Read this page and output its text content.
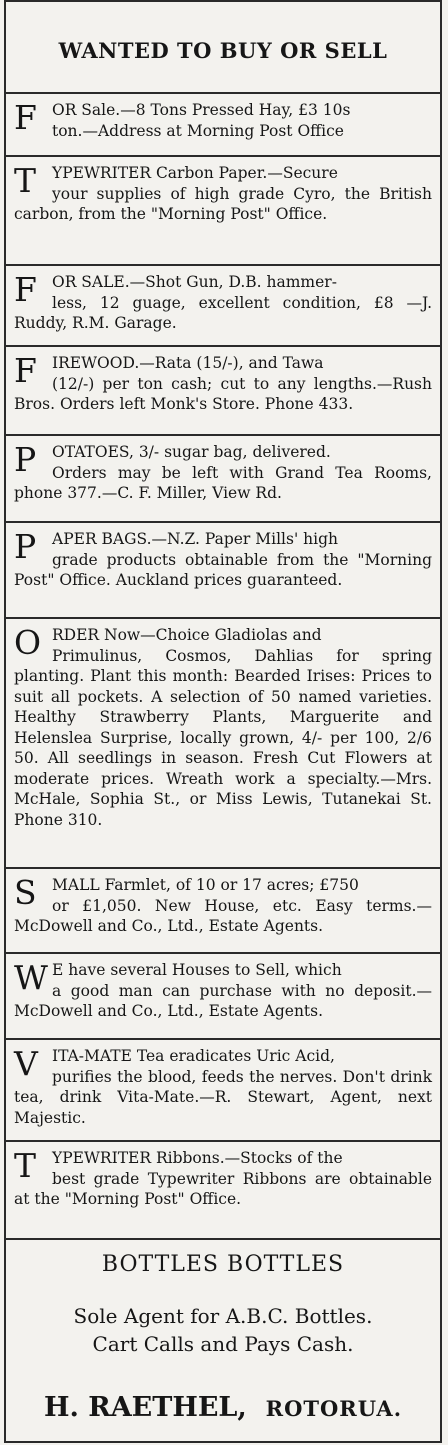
WANTED TO BUY OR SELL
F OR Sale.—8 Tons Pressed Hay, £3 10s

ton.—Address at Morning Post Office

T	YPEWRITER Carbon Paper.—Secure

your supplies of high grade Cyro, the British carbon, from the "Morning Post" Office.

F OR SALE.—Shot Gun, D.B. hammer-

less, 12 guage, excellent condition, £8 —J. Ruddy, R.M. Garage.

F IREWOOD.—Rata (15/-), and Tawa

(12/-) per ton cash; cut to any lengths.—Rush Bros. Orders left Monk's Store. Phone 433.

P	OTATOES, 3/- sugar bag, delivered.

Orders may be left with Grand Tea Rooms, phone 377.—C. F. Miller, View Rd.

P	APER BAGS.—N.Z. Paper Mills' high

grade products obtainable from the "Morning Post" Office. Auckland prices guaranteed.

O RDER Now—Choice Gladiolas and

Primulinus, Cosmos, Dahlias for spring planting. Plant this month: Bearded Irises: Prices to suit all pockets. A selection of 50 named varieties. Healthy Strawberry Plants, Marguerite and Helenslea Surprise, locally grown, 4/- per 100, 2/6 50. All seedlings in season. Fresh Cut Flowers at moderate prices. Wreath work a specialty.—Mrs. McHale, Sophia St., or Miss Lewis, Tutanekai St. Phone 310.

S MALL Farmlet, of 10 or 17 acres; £750

or £1,050. New House, etc. Easy terms.—McDowell and Co., Ltd., Estate Agents.

W E have several Houses to Sell, which

a good man can purchase with no deposit.—McDowell and Co., Ltd., Estate Agents.

V ITA-MATE Tea eradicates Uric Acid,

purifies the blood, feeds the nerves. Don't drink tea, drink Vita-Mate.—R. Stewart, Agent, next Majestic.

T	YPEWRITER Ribbons.—Stocks of the

best grade Typewriter Ribbons are obtainable at the "Morning Post" Office.

BOTTLES BOTTLES
Sole Agent for A.B.C. Bottles.
Cart Calls and Pays Cash.
H. RAETHEL, ROTORUA.
